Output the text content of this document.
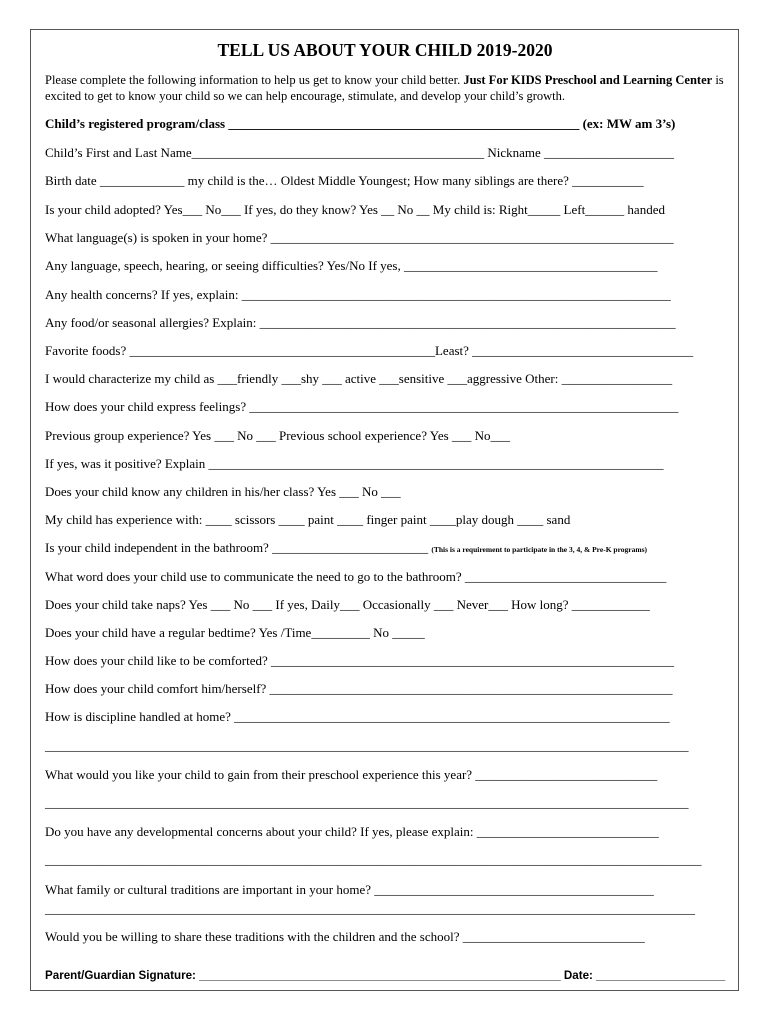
TELL US ABOUT YOUR CHILD 2019-2020
Please complete the following information to help us get to know your child better. Just For KIDS Preschool and Learning Center is excited to get to know your child so we can help encourage, stimulate, and develop your child’s growth.
Child’s registered program/class ______________________________________________________ (ex: MW am 3’s)
Child’s First and Last Name_____________________________________________ Nickname ____________________
Birth date _____________ my child is the… Oldest Middle Youngest; How many siblings are there? ___________
Is your child adopted? Yes___ No___ If yes, do they know? Yes __ No __ My child is: Right_____ Left______ handed
What language(s) is spoken in your home? ______________________________________________________________
Any language, speech, hearing, or seeing difficulties? Yes/No If yes, _______________________________________
Any health concerns? If yes, explain: __________________________________________________________________
Any food/or seasonal allergies? Explain: ________________________________________________________________
Favorite foods? _______________________________________________Least? __________________________________
I would characterize my child as ___friendly ___shy ___ active ___sensitive ___aggressive Other: _________________
How does your child express feelings? __________________________________________________________________
Previous group experience? Yes ___ No ___ Previous school experience? Yes ___ No___
If yes, was it positive? Explain ______________________________________________________________________
Does your child know any children in his/her class? Yes ___ No ___
My child has experience with: ____ scissors ____ paint ____ finger paint ____play dough ____ sand
Is your child independent in the bathroom? ________________________ (This is a requirement to participate in the 3, 4, & Pre-K programs)
What word does your child use to communicate the need to go to the bathroom? _______________________________
Does your child take naps? Yes ___ No ___ If yes, Daily___ Occasionally ___ Never___ How long? ____________
Does your child have a regular bedtime? Yes /Time_________ No _____
How does your child like to be comforted? ______________________________________________________________
How does your child comfort him/herself? ______________________________________________________________
How is discipline handled at home? ___________________________________________________________________
___________________________________________________________________________________________________
What would you like your child to gain from their preschool experience this year? ____________________________
___________________________________________________________________________________________________
Do you have any developmental concerns about your child? If yes, please explain: ____________________________
_____________________________________________________________________________________________________
What family or cultural traditions are important in your home? ___________________________________________
____________________________________________________________________________________________________
Would you be willing to share these traditions with the children and the school? ____________________________
Parent/Guardian Signature: ________________________________________________________ Date: ____________________
